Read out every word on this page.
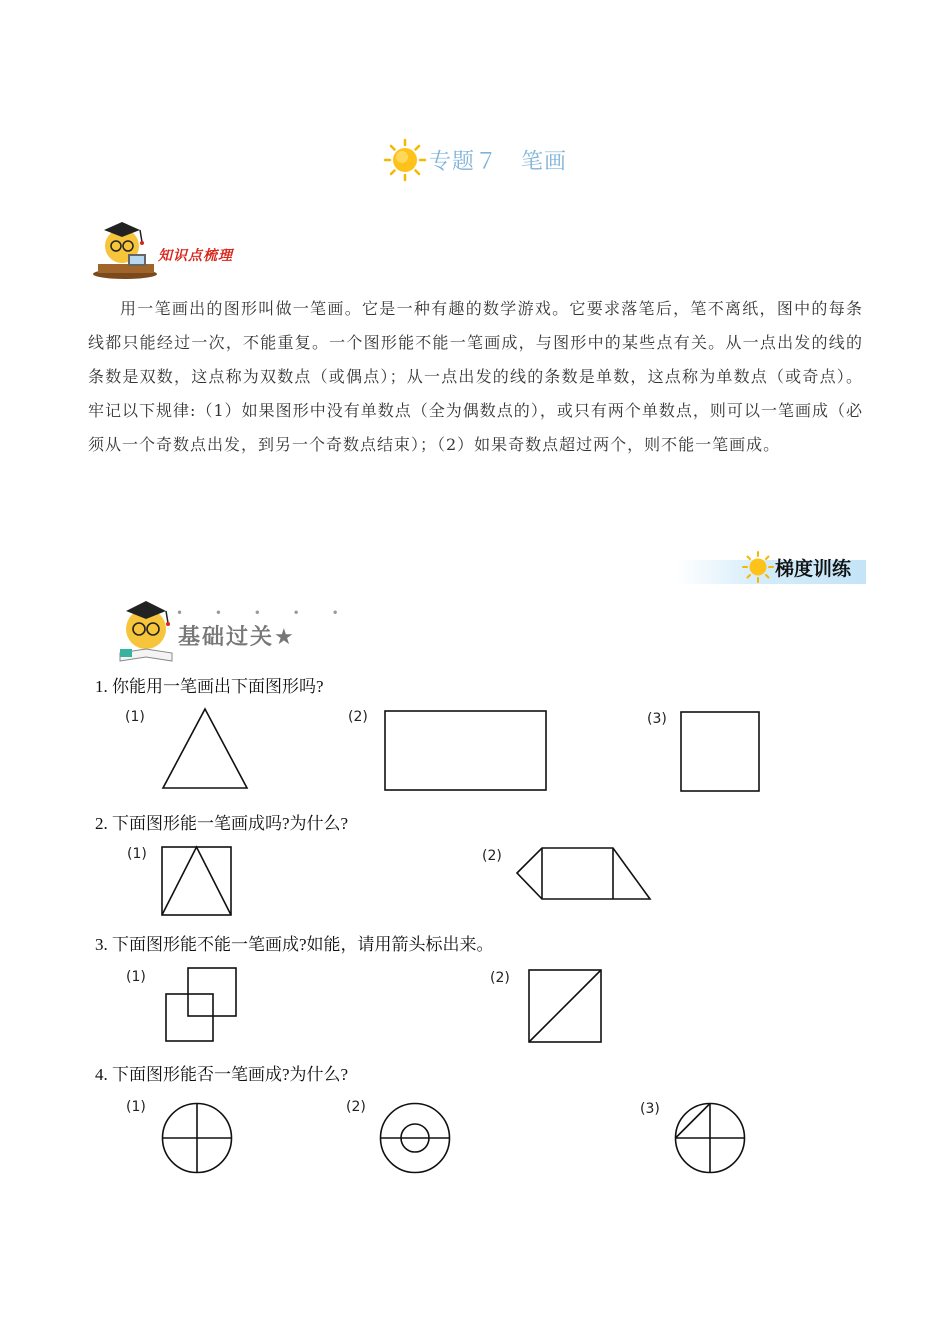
专题７　笔画
知识点梳理
用一笔画出的图形叫做一笔画。它是一种有趣的数学游戏。它要求落笔后，笔不离纸，图中的每条线都只能经过一次，不能重复。一个图形能不能一笔画成，与图形中的某些点有关。从一点出发的线的条数是双数，这点称为双数点（或偶点）；从一点出发的线的条数是单数，这点称为单数点（或奇点）。牢记以下规律:（1）如果图形中没有单数点（全为偶数点的），或只有两个单数点，则可以一笔画成（必须从一个奇数点出发，到另一个奇数点结束）；（2）如果奇数点超过两个，则不能一笔画成。
梯度训练
• • • • •
基础过关★
1. 你能用一笔画出下面图形吗?
(1)	(2)	(3)
2. 下面图形能一笔画成吗?为什么?
(1)	(2)
3. 下面图形能不能一笔画成?如能，请用箭头标出来。
(1)	(2)
4. 下面图形能否一笔画成?为什么?
(1)	(2)	(3)
